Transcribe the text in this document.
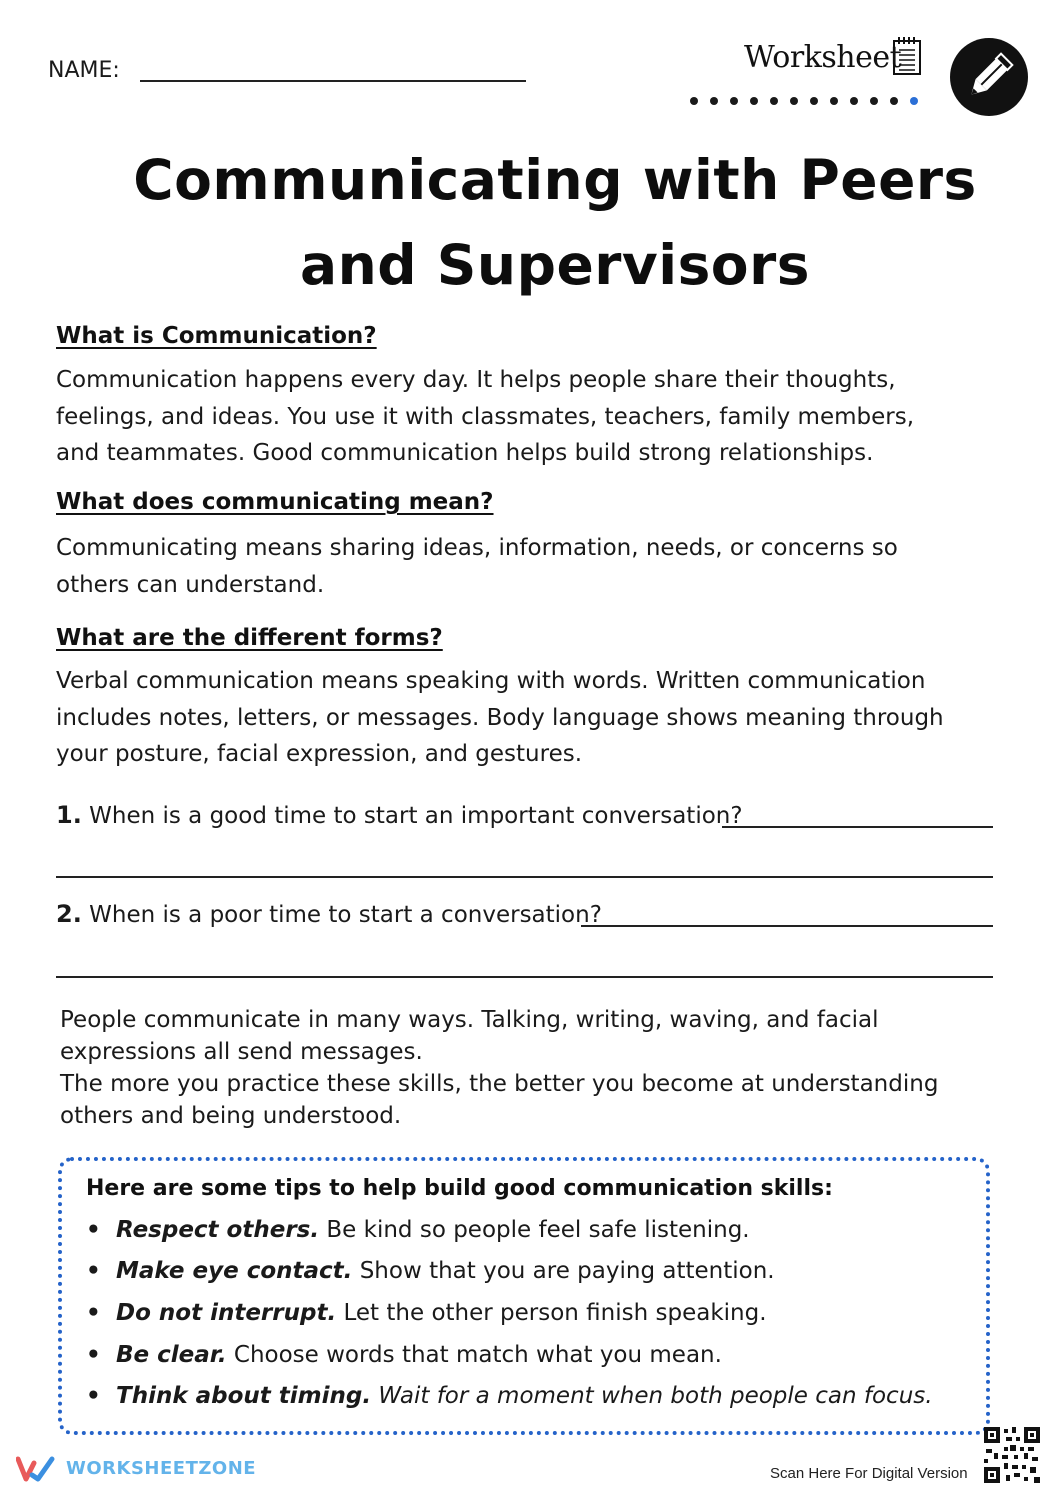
NAME:	Worksheet
Communicating with Peers
and Supervisors
What is Communication?
Communication happens every day. It helps people share their thoughts,
feelings, and ideas. You use it with classmates, teachers, family members,
and teammates. Good communication helps build strong relationships.
What does communicating mean?
Communicating means sharing ideas, information, needs, or concerns so
others can understand.
What are the different forms?
Verbal communication means speaking with words. Written communication
includes notes, letters, or messages. Body language shows meaning through
your posture, facial expression, and gestures.
1. When is a good time to start an important conversation?
2. When is a poor time to start a conversation?
People communicate in many ways. Talking, writing, waving, and facial
expressions all send messages.
The more you practice these skills, the better you become at understanding
others and being understood.
Here are some tips to help build good communication skills:
• Respect others. Be kind so people feel safe listening.
• Make eye contact. Show that you are paying attention.
• Do not interrupt. Let the other person finish speaking.
• Be clear. Choose words that match what you mean.
• Think about timing. Wait for a moment when both people can focus.
WORKSHEETZONE	Scan Here For Digital Version
